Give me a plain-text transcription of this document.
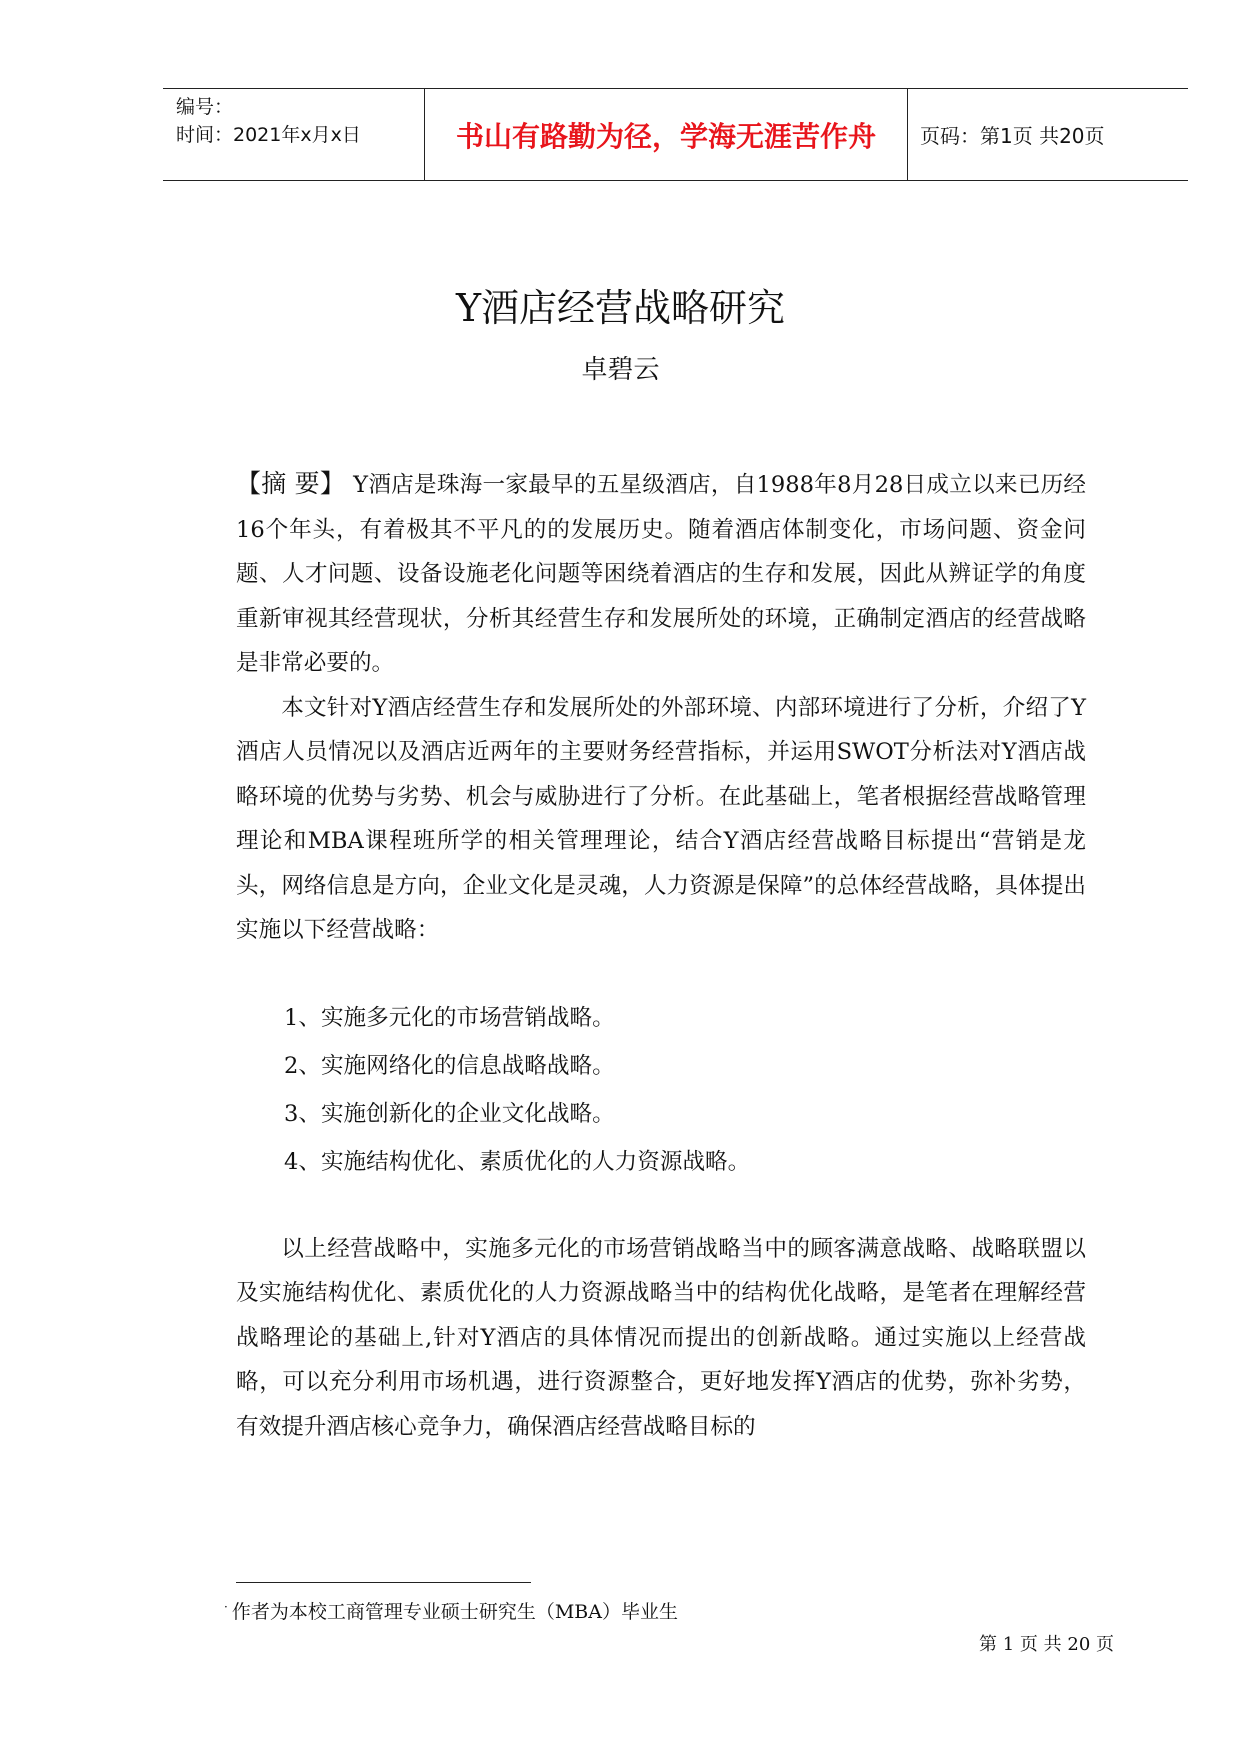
编号：
时间：2021年x月x日	书山有路勤为径，学海无涯苦作舟	页码：第1页 共20页
Y酒店经营战略研究
卓碧云

【摘 要】 Y酒店是珠海一家最早的五星级酒店，自1988年8月28日成立以来已历经16个年头，有着极其不平凡的的发展历史。随着酒店体制变化，市场问题、资金问题、人才问题、设备设施老化问题等困绕着酒店的生存和发展，因此从辨证学的角度重新审视其经营现状，分析其经营生存和发展所处的环境，正确制定酒店的经营战略是非常必要的。

本文针对Y酒店经营生存和发展所处的外部环境、内部环境进行了分析，介绍了Y酒店人员情况以及酒店近两年的主要财务经营指标，并运用SWOT分析法对Y酒店战略环境的优势与劣势、机会与威胁进行了分析。在此基础上，笔者根据经营战略管理理论和MBA课程班所学的相关管理理论，结合Y酒店经营战略目标提出“营销是龙头，网络信息是方向，企业文化是灵魂，人力资源是保障”的总体经营战略，具体提出实施以下经营战略：

1、实施多元化的市场营销战略。

2、实施网络化的信息战略战略。

3、实施创新化的企业文化战略。

4、实施结构优化、素质优化的人力资源战略。

以上经营战略中，实施多元化的市场营销战略当中的顾客满意战略、战略联盟以及实施结构优化、素质优化的人力资源战略当中的结构优化战略，是笔者在理解经营战略理论的基础上,针对Y酒店的具体情况而提出的创新战略。通过实施以上经营战略，可以充分利用市场机遇，进行资源整合，更好地发挥Y酒店的优势，弥补劣势，有效提升酒店核心竞争力，确保酒店经营战略目标的

· 作者为本校工商管理专业硕士研究生（MBA）毕业生
第 1 页 共 20 页
